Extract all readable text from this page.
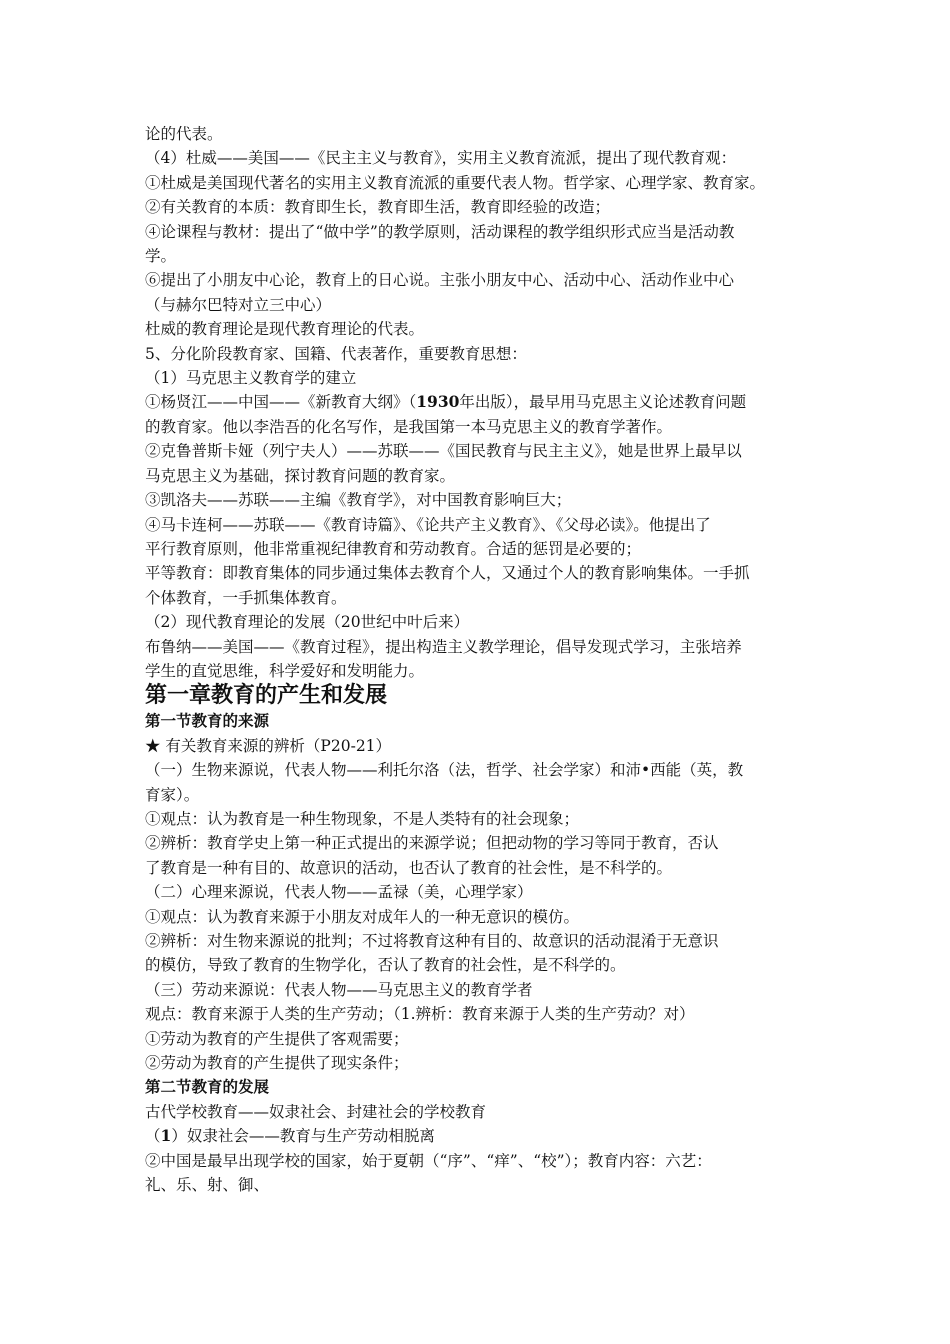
论的代表。

（4）杜威——美国——《民主主义与教育》，实用主义教育流派，提出了现代教育观：

①杜威是美国现代著名的实用主义教育流派的重要代表人物。哲学家、心理学家、教育家。

②有关教育的本质：教育即生长，教育即生活，教育即经验的改造；

④论课程与教材：提出了“做中学”的教学原则，活动课程的教学组织形式应当是活动教

学。

⑥提出了小朋友中心论，教育上的日心说。主张小朋友中心、活动中心、活动作业中心

（与赫尔巴特对立三中心）

杜威的教育理论是现代教育理论的代表。

5、分化阶段教育家、国籍、代表著作，重要教育思想：

（1）马克思主义教育学的建立

①杨贤江——中国——《新教育大纲》（1930年出版），最早用马克思主义论述教育问题

的教育家。他以李浩吾的化名写作，是我国第一本马克思主义的教育学著作。

②克鲁普斯卡娅（列宁夫人）——苏联——《国民教育与民主主义》，她是世界上最早以

马克思主义为基础，探讨教育问题的教育家。

③凯洛夫——苏联——主编《教育学》，对中国教育影响巨大；

④马卡连柯——苏联——《教育诗篇》、《论共产主义教育》、《父母必读》。他提出了

平行教育原则，他非常重视纪律教育和劳动教育。合适的惩罚是必要的；

平等教育：即教育集体的同步通过集体去教育个人，又通过个人的教育影响集体。一手抓

个体教育，一手抓集体教育。

（2）现代教育理论的发展（20世纪中叶后来）

布鲁纳——美国——《教育过程》，提出构造主义教学理论，倡导发现式学习，主张培养

学生的直觉思维，科学爱好和发明能力。

第一章教育的产生和发展

第一节教育的来源

★ 有关教育来源的辨析（P20-21）

（一）生物来源说，代表人物——利托尔洛（法，哲学、社会学家）和沛•西能（英，教

育家）。

①观点：认为教育是一种生物现象，不是人类特有的社会现象；

②辨析：教育学史上第一种正式提出的来源学说；但把动物的学习等同于教育，否认

了教育是一种有目的、故意识的活动，也否认了教育的社会性，是不科学的。

（二）心理来源说，代表人物——孟禄（美，心理学家）

①观点：认为教育来源于小朋友对成年人的一种无意识的模仿。

②辨析：对生物来源说的批判；不过将教育这种有目的、故意识的活动混淆于无意识

的模仿，导致了教育的生物学化，否认了教育的社会性，是不科学的。

（三）劳动来源说：代表人物——马克思主义的教育学者

观点：教育来源于人类的生产劳动；（1.辨析：教育来源于人类的生产劳动？对）

①劳动为教育的产生提供了客观需要；

②劳动为教育的产生提供了现实条件；

第二节教育的发展

古代学校教育——奴隶社会、封建社会的学校教育

（1）奴隶社会——教育与生产劳动相脱离

②中国是最早出现学校的国家，始于夏朝（“序”、“痒”、“校”）；教育内容：六艺：

礼、乐、射、御、
